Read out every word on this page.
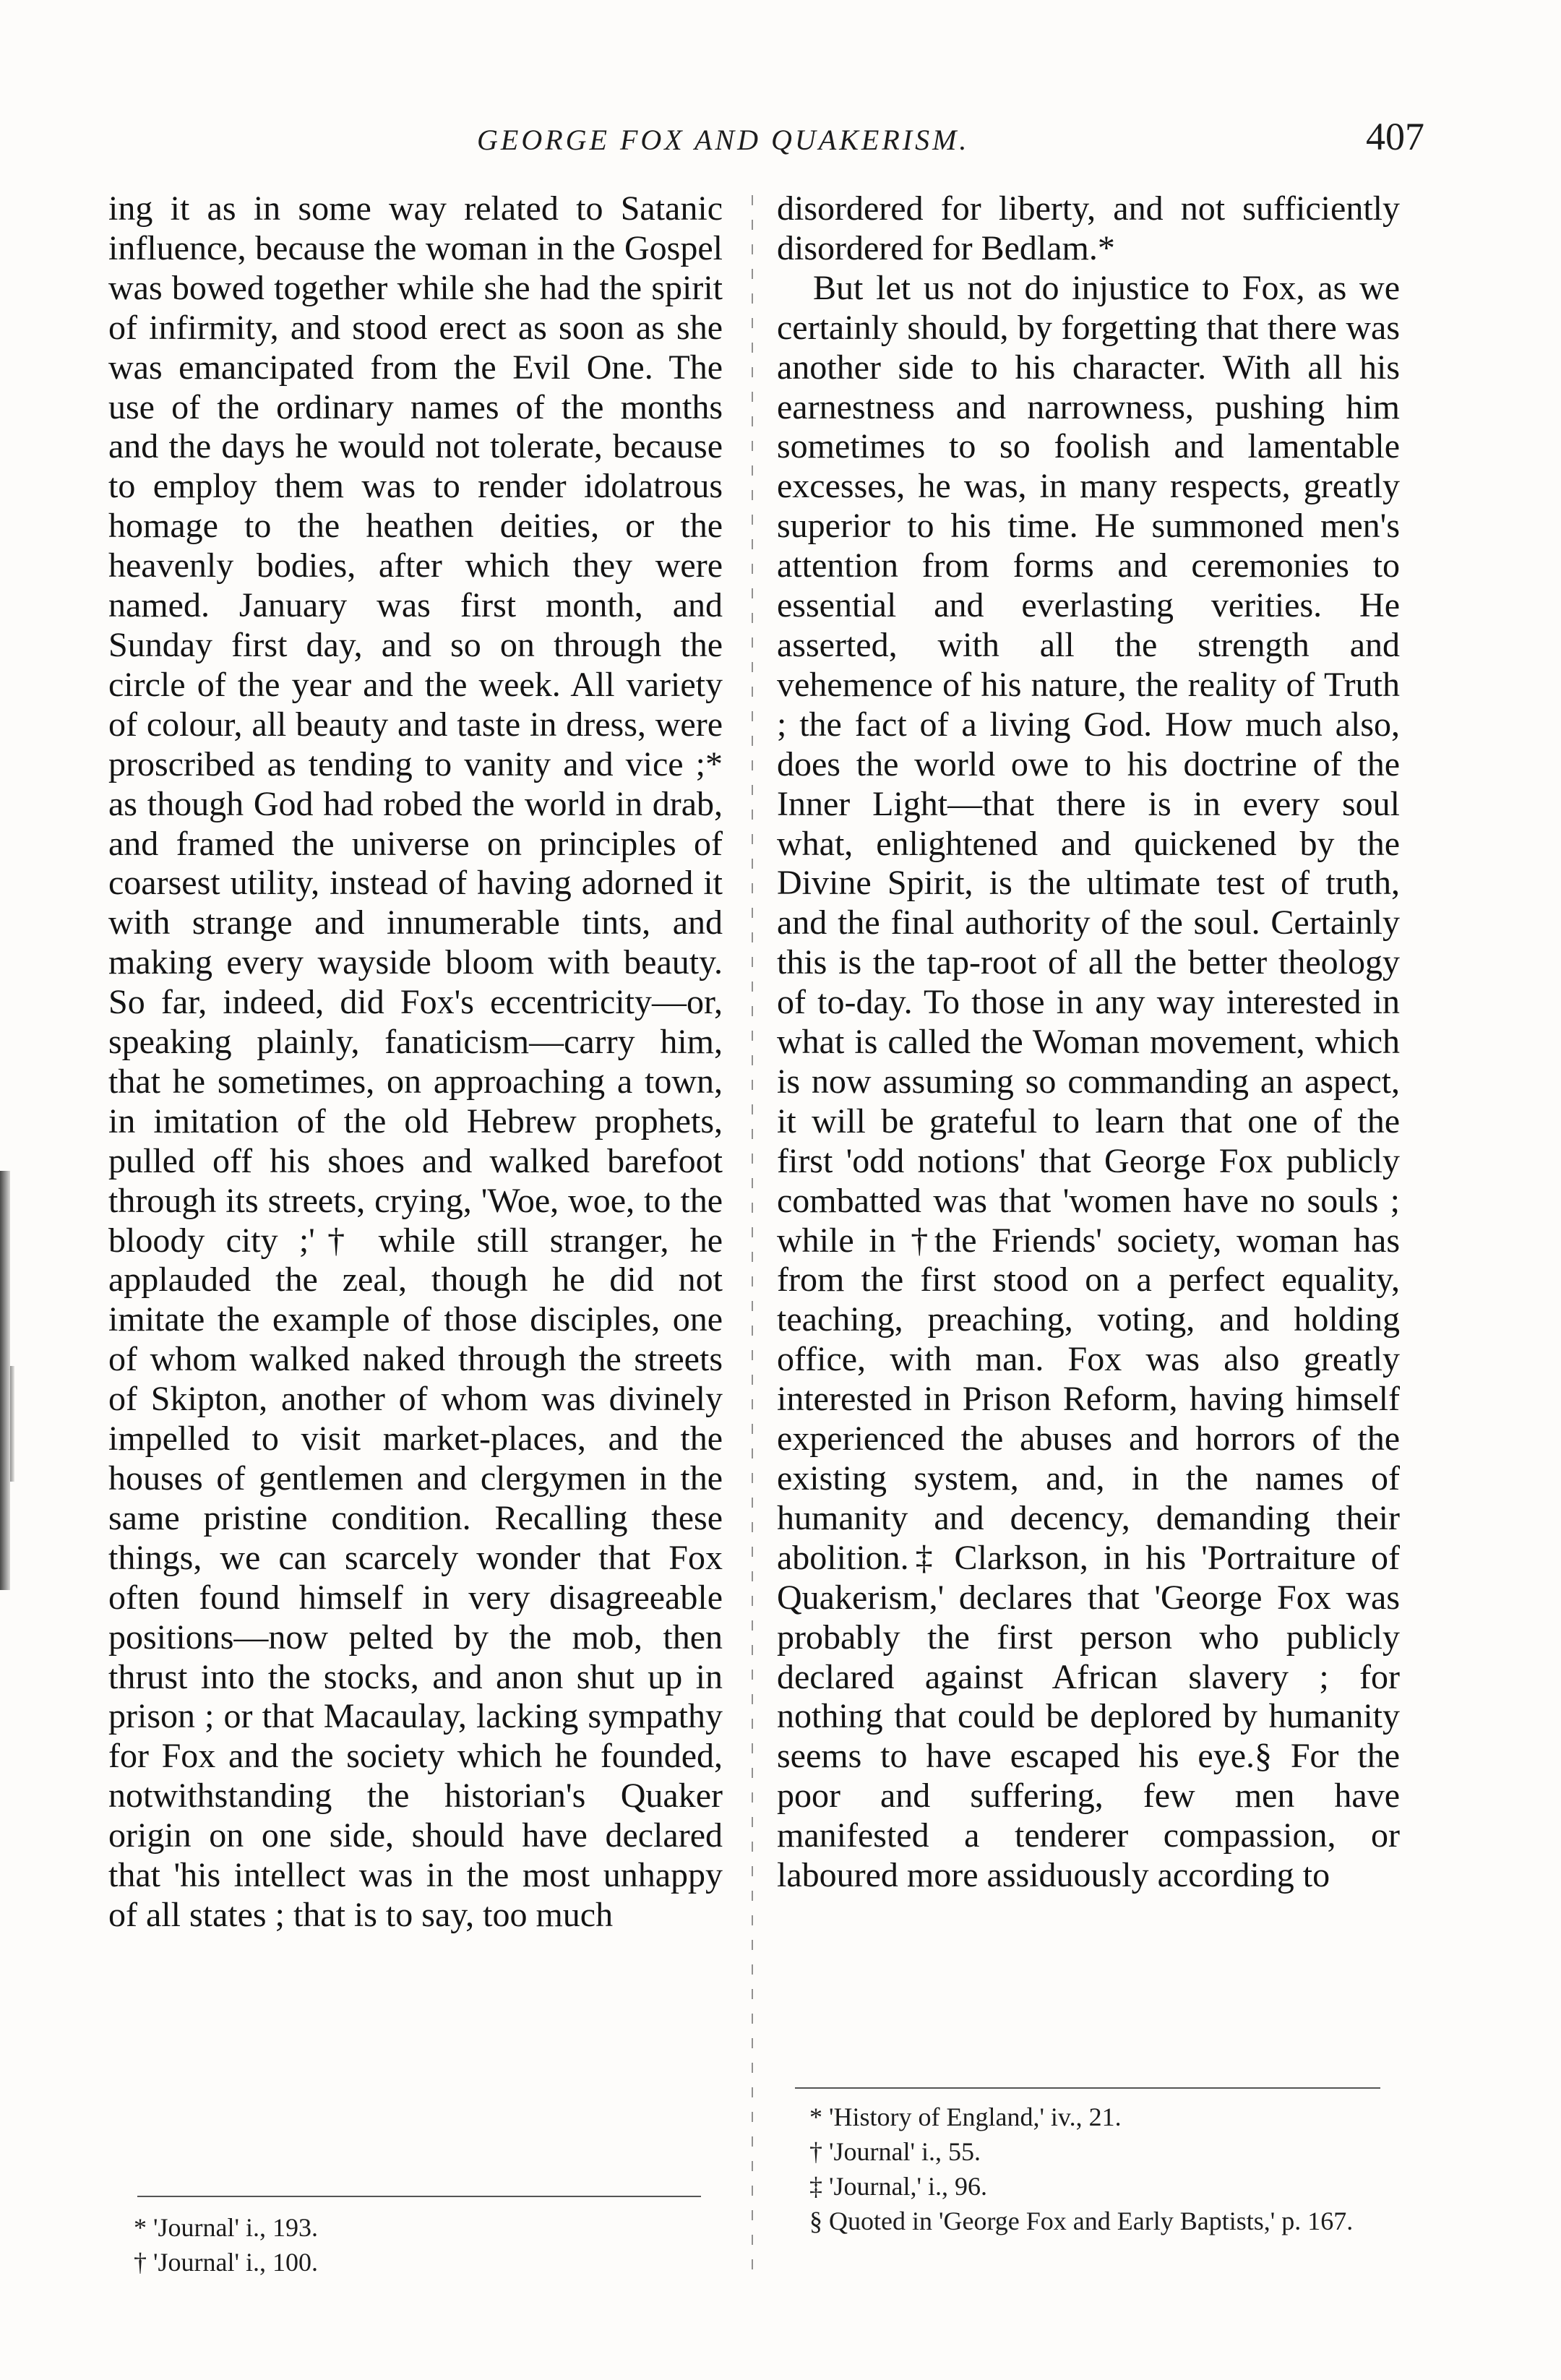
GEORGE FOX AND QUAKERISM.	407

ing it as in some way related to Satanic influence, because the woman in the Gospel was bowed together while she had the spirit of infirmity, and stood erect as soon as she was emancipated from the Evil One. The use of the ordinary names of the months and the days he would not tolerate, because to employ them was to render idolatrous homage to the heathen deities, or the heavenly bodies, after which they were named. January was first month, and Sunday first day, and so on through the circle of the year and the week. All variety of colour, all beauty and taste in dress, were proscribed as tending to vanity and vice ;* as though God had robed the world in drab, and framed the universe on principles of coarsest utility, instead of having adorned it with strange and innumerable tints, and making every wayside bloom with beauty. So far, indeed, did Fox's eccentricity—or, speaking plainly, fanaticism—carry him, that he sometimes, on approaching a town, in imitation of the old Hebrew prophets, pulled off his shoes and walked barefoot through its streets, crying, 'Woe, woe, to the bloody city ;'† while still stranger, he applauded the zeal, though he did not imitate the example of those disciples, one of whom walked naked through the streets of Skipton, another of whom was divinely impelled to visit market-places, and the houses of gentlemen and clergymen in the same pristine condition. Recalling these things, we can scarcely wonder that Fox often found himself in very disagreeable positions—now pelted by the mob, then thrust into the stocks, and anon shut up in prison ; or that Macaulay, lacking sympathy for Fox and the society which he founded, notwithstanding the historian's Quaker origin on one side, should have declared that 'his intellect was in the most unhappy of all states ; that is to say, too much

disordered for liberty, and not sufficiently disordered for Bedlam.*

But let us not do injustice to Fox, as we certainly should, by forgetting that there was another side to his character. With all his earnestness and narrowness, pushing him sometimes to so foolish and lamentable excesses, he was, in many respects, greatly superior to his time. He summoned men's attention from forms and ceremonies to essential and everlasting verities. He asserted, with all the strength and vehemence of his nature, the reality of Truth ; the fact of a living God. How much also, does the world owe to his doctrine of the Inner Light—that there is in every soul what, enlightened and quickened by the Divine Spirit, is the ultimate test of truth, and the final authority of the soul. Certainly this is the tap-root of all the better theology of to-day. To those in any way interested in what is called the Woman movement, which is now assuming so commanding an aspect, it will be grateful to learn that one of the first 'odd notions' that George Fox publicly combatted was that 'women have no souls ; while in †the Friends' society, woman has from the first stood on a perfect equality, teaching, preaching, voting, and holding office, with man. Fox was also greatly interested in Prison Reform, having himself experienced the abuses and horrors of the existing system, and, in the names of humanity and decency, demanding their abolition.‡ Clarkson, in his 'Portraiture of Quakerism,' declares that 'George Fox was probably the first person who publicly declared against African slavery ; for nothing that could be deplored by humanity seems to have escaped his eye.§ For the poor and suffering, few men have manifested a tenderer compassion, or laboured more assiduously according to

* 'Journal' i., 193.

† 'Journal' i., 100.

* 'History of England,' iv., 21.

† 'Journal' i., 55.

‡ 'Journal,' i., 96.

§ Quoted in 'George Fox and Early Baptists,' p. 167.
